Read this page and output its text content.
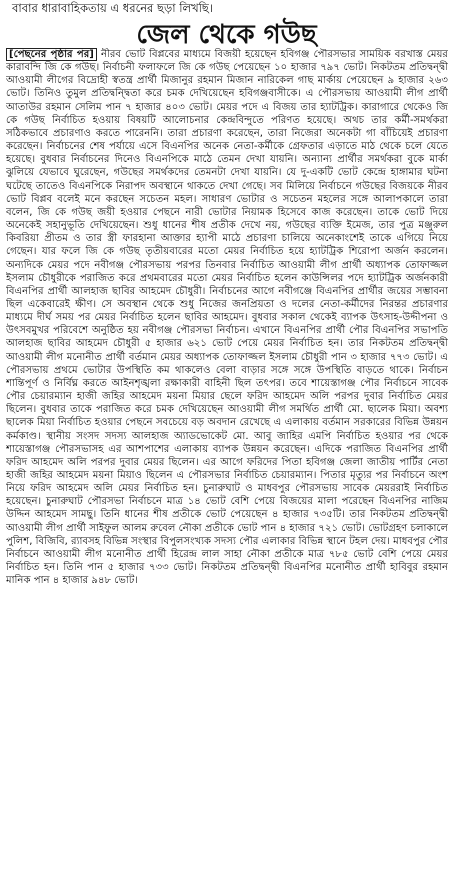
বাবার ধারাবাহিকতায় এ ধরনের ছড়া লিখছি।
জেল থেকে গউছ

[পেছনের পৃষ্ঠার পর] নীরব ভোট বিপ্লবের মাধ্যমে বিজয়ী হয়েছেন হবিগঞ্জ পৌরসভার সাময়িক বরখাস্ত মেয়র কারাবন্দি জি কে গউছ। নির্বাচনী ফলাফলে জি কে গউছ পেয়েছেন ১০ হাজার ৭৯৭ ভোট। নিকটতম প্রতিদ্বন্দ্বী আওয়ামী লীগের বিদ্রোহী স্বতন্ত্র প্রার্থী মিজানুর রহমান মিজান নারিকেল গাছ মার্কায় পেয়েছেন ৯ হাজার ২৬৩ ভোট। তিনিও তুমুল প্রতিদ্বন্দ্বিতা করে চমক দেখিয়েছেন হবিগঞ্জবাসীকে। এ পৌরসভায় আওয়ামী লীগ প্রার্থী আতাউর রহমান সেলিম পান ৭ হাজার ৪০৩ ভোট। মেয়র পদে এ বিজয় তার হ্যাটট্রিক। কারাগারে থেকেও জি কে গউছ নির্বাচিত হওয়ায় বিষয়টি আলোচনার কেন্দ্রবিন্দুতে পরিণত হয়েছে। অথচ তার কর্মী-সমর্থকরা সঠিকভাবে প্রচারণাও করতে পারেননি। তারা প্রচারণা করেছেন, তারা নিজেরা অনেকটা গা বাঁচিয়েই প্রচারণা করেছেন। নির্বাচনের শেষ পর্যায়ে এসে বিএনপির অনেক নেতা-কর্মীকে গ্রেফতার এড়াতে মাঠ থেকে চলে যেতে হয়েছে। বুধবার নির্বাচনের দিনেও বিএনপিকে মাঠে তেমন দেখা যায়নি। অন্যান্য প্রার্থীর সমর্থকরা বুকে মার্কা ঝুলিয়ে যেভাবে ঘুরেছেন, গউছের সমর্থকদের তেমনটা দেখা যায়নি। যে দু-একটি ভোট কেন্দ্রে হাঙ্গামার ঘটনা ঘটেছে তাতেও বিএনপিকে নিরাপদ অবস্থানে থাকতে দেখা গেছে। সব মিলিয়ে নির্বাচনে গউছের বিজয়কে নীরব ভোট বিপ্লব বলেই মনে করছেন সচেতন মহল। সাধারণ ভোটার ও সচেতন মহলের সঙ্গে আলাপকালে তারা বলেন, জি কে গউছ জয়ী হওয়ার পেছনে নারী ভোটার নিয়ামক হিসেবে কাজ করেছেন। তাকে ভোট দিয়ে অনেকেই সহানুভূতি দেখিয়েছেন। শুধু ধানের শীষ প্রতীক দেখে নয়, গউছের ব্যক্তি ইমেজ, তার পুত্র মঞ্জুরুল কিবরিয়া প্রীতম ও তার স্ত্রী ফারহানা আক্তার হ্যাপী মাঠে প্রচারণা চালিয়ে অনেকাংশেই তাকে এগিয়ে নিয়ে গেছেন। যার ফলে জি কে গউছ তৃতীয়বারের মতো মেয়র নির্বাচিত হয়ে হ্যাটট্রিক শিরোপা অর্জন করলেন। অন্যদিকে মেয়র পদে নবীগঞ্জ পৌরসভায় পরপর তিনবার নির্বাচিত আওয়ামী লীগ প্রার্থী অধ্যাপক তোফাজ্জল ইসলাম চৌধুরীকে পরাজিত করে প্রথমবারের মতো মেয়র নির্বাচিত হলেন কাউন্সিলর পদে হ্যাটট্রিক অর্জনকারী বিএনপির প্রার্থী আলহাজ ছাবির আহমেদ চৌধুরী। নির্বাচনের আগে নবীগঞ্জে বিএনপির প্রার্থীর জয়ের সম্ভাবনা ছিল একেবারেই ক্ষীণ। সে অবস্থান থেকে শুধু নিজের জনপ্রিয়তা ও দলের নেতা-কর্মীদের নিরন্তর প্রচারণার মাধ্যমে দীর্ঘ সময় পর মেয়র নির্বাচিত হলেন ছাবির আহমেদ। বুধবার সকাল থেকেই ব্যাপক উৎসাহ-উদ্দীপনা ও উৎসবমুখর পরিবেশে অনুষ্ঠিত হয় নবীগঞ্জ পৌরসভা নির্বাচন। এখানে বিএনপির প্রার্থী পৌর বিএনপির সভাপতি আলহাজ ছাবির আহমেদ চৌধুরী ৫ হাজার ৬২১ ভোট পেয়ে মেয়র নির্বাচিত হন। তার নিকটতম প্রতিদ্বন্দ্বী আওয়ামী লীগ মনোনীত প্রার্থী বর্তমান মেয়র অধ্যাপক তোফাজ্জল ইসলাম চৌধুরী পান ৩ হাজার ৭৭৩ ভোট। এ পৌরসভায় প্রথমে ভোটার উপস্থিতি কম থাকলেও বেলা বাড়ার সঙ্গে সঙ্গে উপস্থিতি বাড়তে থাকে। নির্বাচন শান্তিপূর্ণ ও নির্বিঘ্ন করতে আইনশৃঙ্খলা রক্ষাকারী বাহিনী ছিল তৎপর। তবে শায়েস্তাগঞ্জ পৌর নির্বাচনে সাবেক পৌর চেয়ারম্যান হাজী জহির আহমেদ ময়না মিয়ার ছেলে ফরিদ আহমেদ অলি পরপর দুবার নির্বাচিত মেয়র ছিলেন। বুধবার তাকে পরাজিত করে চমক দেখিয়েছেন আওয়ামী লীগ সমর্থিত প্রার্থী মো. ছালেক মিয়া। অবশ্য ছালেক মিয়া নির্বাচিত হওয়ার পেছনে সবচেয়ে বড় অবদান রেখেছে এ এলাকায় বর্তমান সরকারের বিভিন্ন উন্নয়ন কর্মকাণ্ড। স্থানীয় সংসদ সদস্য আলহাজ অ্যাডভোকেট মো. আবু জাহির এমপি নির্বাচিত হওয়ার পর থেকে শায়েস্তাগঞ্জ পৌরসভাসহ এর আশপাশের এলাকায় ব্যাপক উন্নয়ন করেছেন। এদিকে পরাজিত বিএনপির প্রার্থী ফরিদ আহমেদ অলি পরপর দুবার মেয়র ছিলেন। এর আগে ফরিদের পিতা হবিগঞ্জ জেলা জাতীয় পার্টির নেতা হাজী জহির আহমেদ ময়না মিয়াও ছিলেন এ পৌরসভার নির্বাচিত চেয়ারম্যান। পিতার মৃত্যুর পর নির্বাচনে অংশ নিয়ে ফরিদ আহমেদ অলি মেয়র নির্বাচিত হন। চুনারুঘাট ও মাধবপুর পৌরসভায় সাবেক মেয়ররাই নির্বাচিত হয়েছেন। চুনারুঘাট পৌরসভা নির্বাচনে মাত্র ১৪ ভোট বেশি পেয়ে বিজয়ের মালা পরেছেন বিএনপির নাজিম উদ্দিন আহমেদ সামছু। তিনি ধানের শীষ প্রতীকে ভোট পেয়েছেন ৪ হাজার ৭৩৫টি। তার নিকটতম প্রতিদ্বন্দ্বী আওয়ামী লীগ প্রার্থী সাইফুল আলম রুবেল নৌকা প্রতীকে ভোট পান ৪ হাজার ৭২১ ভোট। ভোটগ্রহণ চলাকালে পুলিশ, বিজিবি, র‍্যাবসহ বিভিন্ন সংস্থার বিপুলসংখ্যক সদস্য পৌর এলাকার বিভিন্ন স্থানে টহল দেয়। মাধবপুর পৌর নির্বাচনে আওয়ামী লীগ মনোনীত প্রার্থী হিরেন্দ্র লাল সাহা নৌকা প্রতীকে মাত্র ৭৮৫ ভোট বেশি পেয়ে মেয়র নির্বাচিত হন। তিনি পান ৫ হাজার ৭৩৩ ভোট। নিকটতম প্রতিদ্বন্দ্বী বিএনপির মনোনীত প্রার্থী হাবিবুর রহমান মানিক পান ৪ হাজার ৯৪৮ ভোট।
